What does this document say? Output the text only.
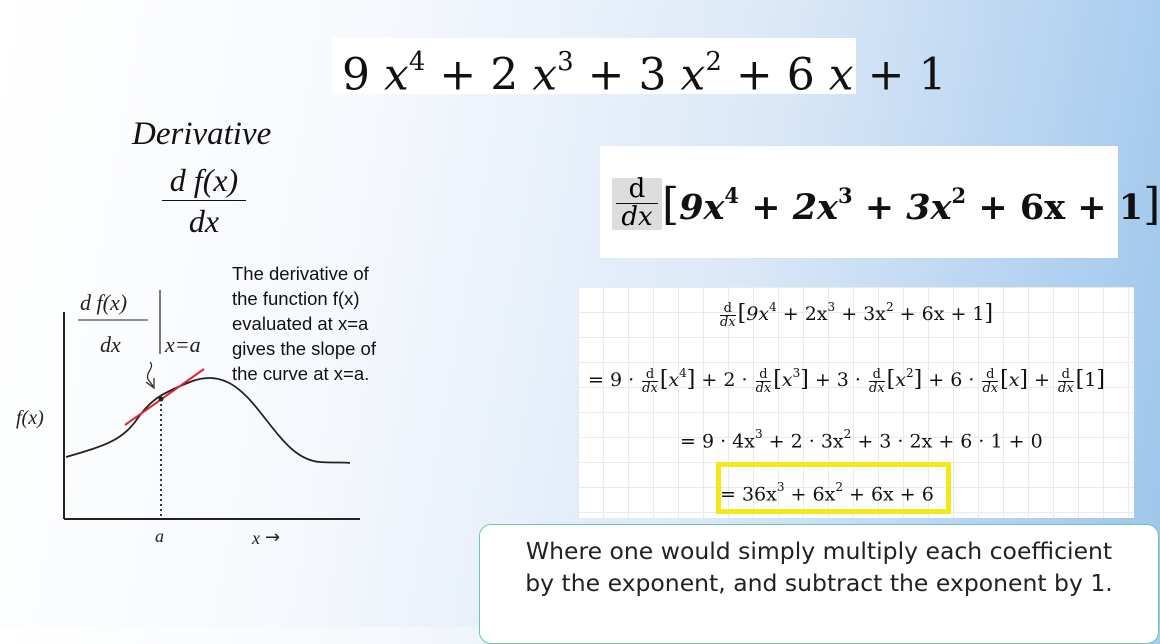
9 $x^4 + 2$ $x^3 + 3$ $x^2 + 6$ x + 1
Derivative
$\frac{\text{d f(x)}}{dx}$
d f(x)
dx x=a
f(x)
a	x →
The derivative of
the function f(x)
evaluated at x=a
gives the slope of
the curve at x=a.
$\frac{d}{dx} [9x^4 + 2x^3 + 3x^2 + 6x + 1]$
$\frac{d}{dx} [9x^4 + 2x^3 + 3x^2 + 6x + 1]$
= $9 \cdot \frac{d}{dx} [x^4] + 2 \cdot \frac{d}{dx} [x^3] + 3 \cdot \frac{d}{dx} [x^2] + 6 \cdot \frac{d}{dx} [x] + \frac{d}{dx} [1]$
= $9 \cdot 4x^3 + 2 \cdot 3x^2 + 3 \cdot 2x + 6 \cdot 1 + 0$
= $36x^3 + 6x^2 + 6x + 6$
Where one would simply multiply each coefficient by the exponent, and subtract the exponent by 1.
